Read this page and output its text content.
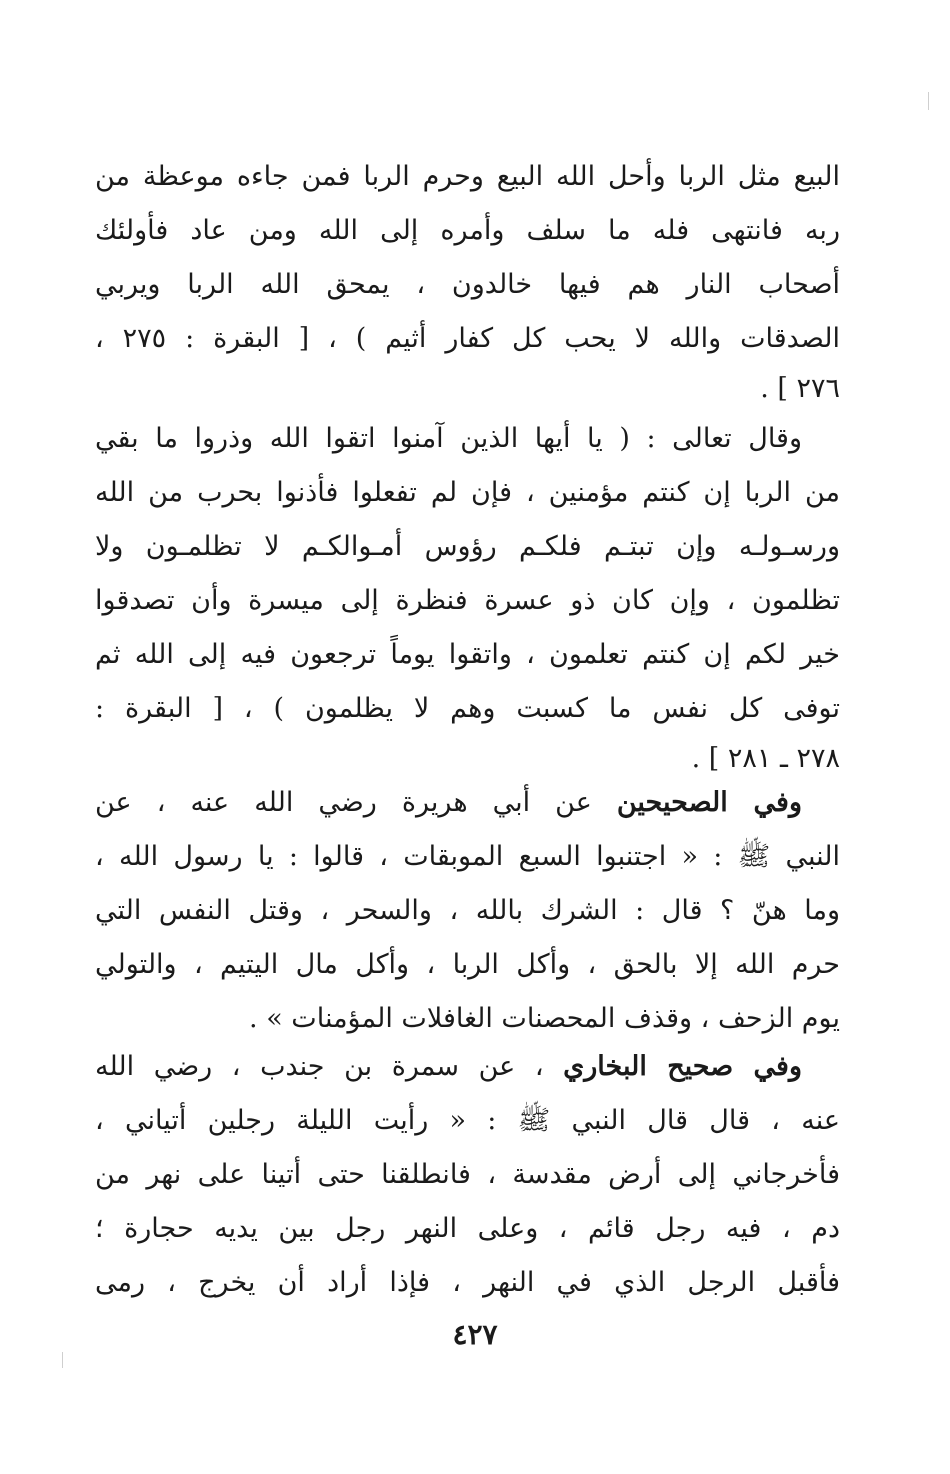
البيع مثل الربا وأحل الله البيع وحرم الربا فمن جاءه موعظة من
ربه فانتهى فله ما سلف وأمره إلى الله ومن عاد فأولئك
أصحاب النار هم فيها خالدون ، يمحق الله الربا ويربي
الصدقات والله لا يحب كل كفار أثيم ) ، [ البقرة : ٢٧٥ ،
٢٧٦ ] .
وقال تعالى : ( يا أيها الذين آمنوا اتقوا الله وذروا ما بقي
من الربا إن كنتم مؤمنين ، فإن لم تفعلوا فأذنوا بحرب من الله
ورسـولـه وإن تبتـم فلكـم رؤوس أمـوالكـم لا تظلمـون ولا
تظلمون ، وإن كان ذو عسرة فنظرة إلى ميسرة وأن تصدقوا
خير لكم إن كنتم تعلمون ، واتقوا يوماً ترجعون فيه إلى الله ثم
توفى كل نفس ما كسبت وهم لا يظلمون ) ، [ البقرة :
٢٧٨ ـ ٢٨١ ] .
وفي الصحيحين عن أبي هريرة رضي الله عنه ، عن
النبي ﷺ : « اجتنبوا السبع الموبقات ، قالوا : يا رسول الله ،
وما هنّ ؟ قال : الشرك بالله ، والسحر ، وقتل النفس التي
حرم الله إلا بالحق ، وأكل الربا ، وأكل مال اليتيم ، والتولي
يوم الزحف ، وقذف المحصنات الغافلات المؤمنات » .
وفي صحيح البخاري ، عن سمرة بن جندب ، رضي الله
عنه ، قال قال النبي ﷺ : « رأيت الليلة رجلين أتياني ،
فأخرجاني إلى أرض مقدسة ، فانطلقنا حتى أتينا على نهر من
دم ، فيه رجل قائم ، وعلى النهر رجل بين يديه حجارة ؛
فأقبل الرجل الذي في النهر ، فإذا أراد أن يخرج ، رمى
٤٢٧
